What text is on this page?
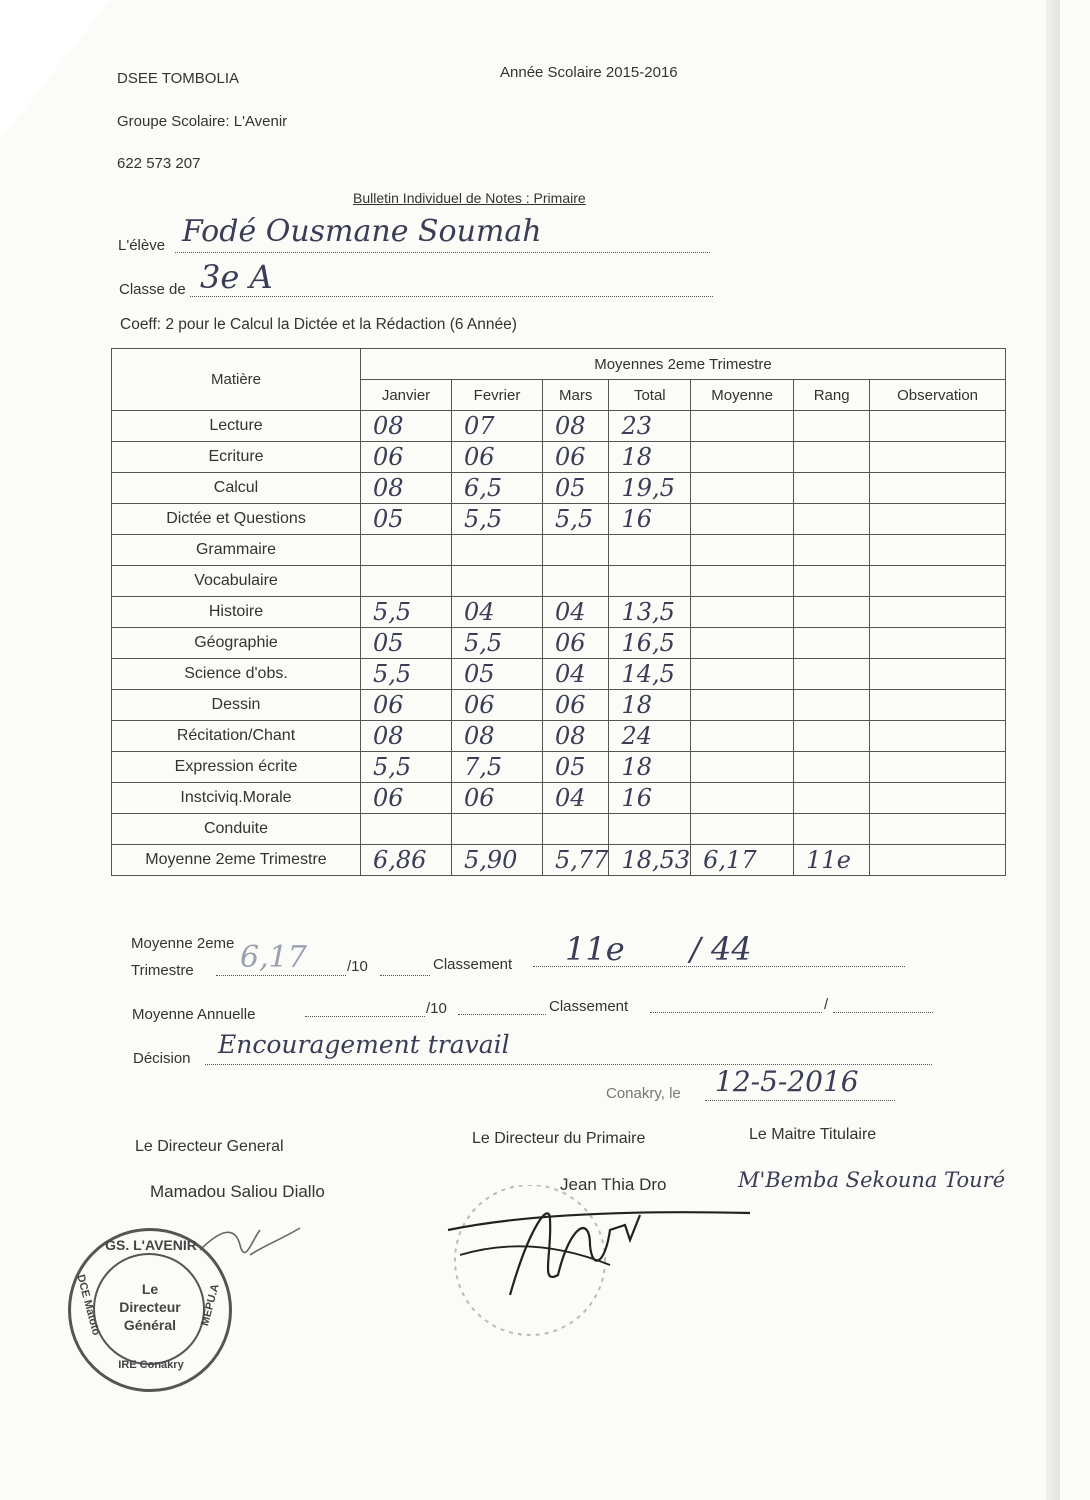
DSEE TOMBOLIA
Groupe Scolaire: L'Avenir
622 573 207
Année Scolaire 2015-2016
Bulletin Individuel de Notes : Primaire
L'élève Fodé Ousmane Soumah
Classe de 3e A
Coeff: 2 pour le Calcul la Dictée et la Rédaction (6 Année)
Matière	Moyennes 2eme Trimestre						
	Janvier	Fevrier	Mars	Total	Moyenne	Rang	Observation
Lecture	08	07	08	23			
Ecriture	06	06	06	18			
Calcul	08	6,5	05	19,5			
Dictée et Questions	05	5,5	5,5	16			
Grammaire							
Vocabulaire							
Histoire	5,5	04	04	13,5			
Géographie	05	5,5	06	16,5			
Science d'obs.	5,5	05	04	14,5			
Dessin	06	06	06	18			
Récitation/Chant	08	08	08	24			
Expression écrite	5,5	7,5	05	18			
Instciviq.Morale	06	06	04	16			
Conduite							
Moyenne 2eme Trimestre	6,86	5,90	5,77	18,53	6,17	11e	
Moyenne 2eme
Trimestre 6,17	/10	Classement 11e / 44
Moyenne Annuelle	/10	Classement	/
Décision Encouragement travail
Conakry, le 12-5-2016
Le Directeur General
Mamadou Saliou Diallo
Le Directeur du Primaire
Jean Thia Dro
Le Maitre Titulaire
M'Bemba Sekouna Touré
GS. L'AVENIR
DCE Matoto
IRE Conakry
MEPU.A
Le
Directeur
Général
